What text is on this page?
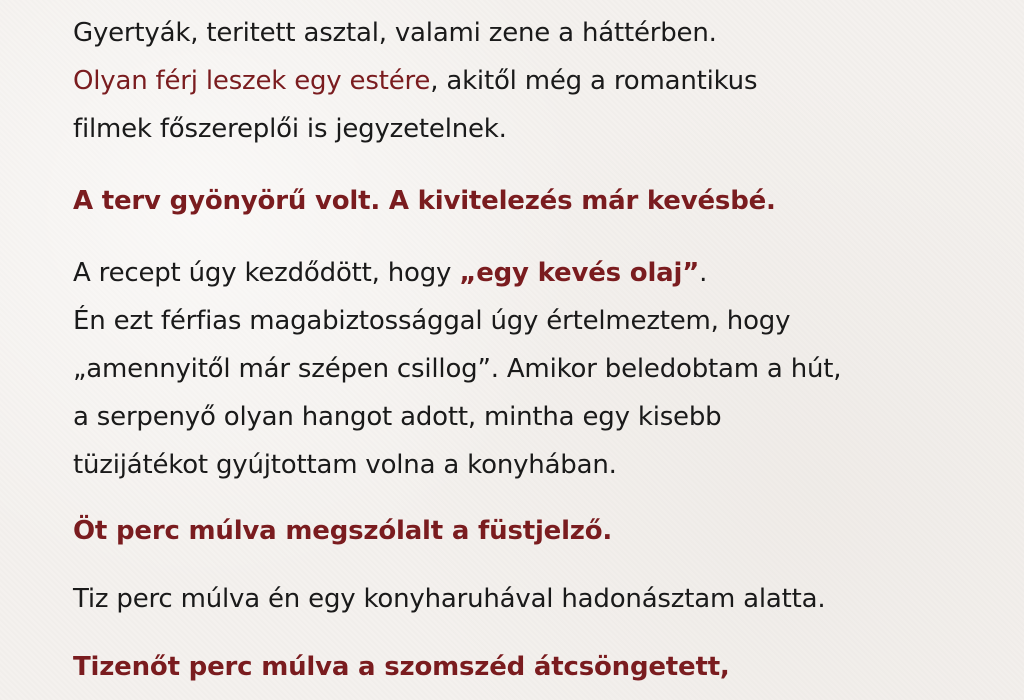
Gyertyák, teritett asztal, valami zene a háttérben.
Olyan férj leszek egy estére, akitől még a romantikus
filmek főszereplői is jegyzetelnek.
A terv gyönyörű volt. A kivitelezés már kevésbé.
A recept úgy kezdődött, hogy „egy kevés olaj”.
Én ezt férfias magabiztossággal úgy értelmeztem, hogy
„amennyitől már szépen csillog”. Amikor beledobtam a hút,
a serpenyő olyan hangot adott, mintha egy kisebb
tüzijátékot gyújtottam volna a konyhában.
Öt perc múlva megszólalt a füstjelző.
Tiz perc múlva én egy konyharuhával hadonásztam alatta.
Tizenőt perc múlva a szomszéd átcsöngetett,
